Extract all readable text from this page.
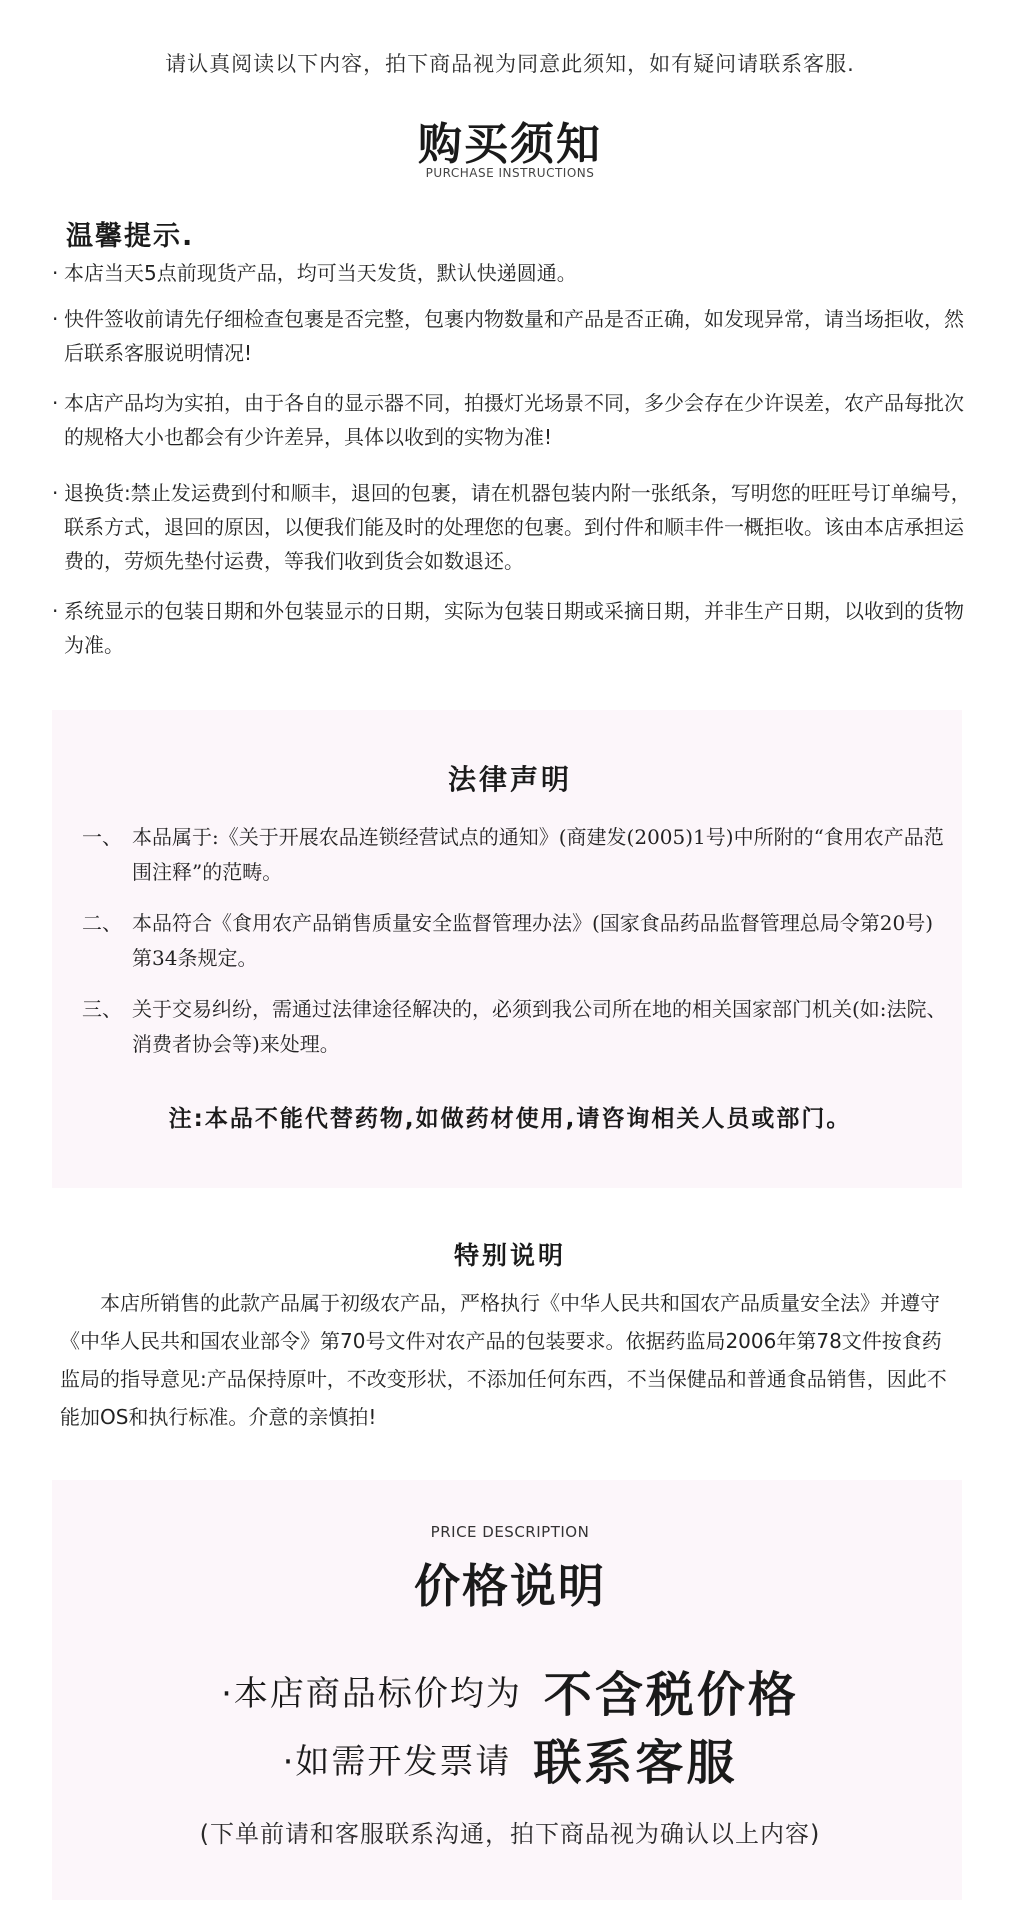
请认真阅读以下内容，拍下商品视为同意此须知，如有疑问请联系客服.
购买须知
PURCHASE INSTRUCTIONS
温馨提示.
· 本店当天5点前现货产品，均可当天发货，默认快递圆通。
· 快件签收前请先仔细检查包裹是否完整，包裹内物数量和产品是否正确，如发现异常，请当场拒收，然后联系客服说明情况!
· 本店产品均为实拍，由于各自的显示器不同，拍摄灯光场景不同，多少会存在少许误差，农产品每批次的规格大小也都会有少许差异，具体以收到的实物为准!
· 退换货:禁止发运费到付和顺丰，退回的包裹，请在机器包装内附一张纸条，写明您的旺旺号订单编号，联系方式，退回的原因，以便我们能及时的处理您的包裹。到付件和顺丰件一概拒收。该由本店承担运费的，劳烦先垫付运费，等我们收到货会如数退还。
· 系统显示的包装日期和外包装显示的日期，实际为包装日期或采摘日期，并非生产日期，以收到的货物为准。
法律声明
一、 本品属于:《关于开展农品连锁经营试点的通知》(商建发(2005)1号)中所附的“食用农产品范围注释”的范畴。
二、 本品符合《食用农产品销售质量安全监督管理办法》(国家食品药品监督管理总局令第20号)第34条规定。
三、 关于交易纠纷，需通过法律途径解决的，必须到我公司所在地的相关国家部门机关(如:法院、消费者协会等)来处理。
注:本品不能代替药物,如做药材使用,请咨询相关人员或部门。
特别说明
本店所销售的此款产品属于初级农产品，严格执行《中华人民共和国农产品质量安全法》并遵守《中华人民共和国农业部令》第70号文件对农产品的包装要求。依据药监局2006年第78文件按食药监局的指导意见:产品保持原叶，不改变形状，不添加任何东西，不当保健品和普通食品销售，因此不能加OS和执行标准。介意的亲慎拍!
PRICE DESCRIPTION
价格说明
·本店商品标价均为 不含税价格
·如需开发票请 联系客服
(下单前请和客服联系沟通，拍下商品视为确认以上内容)
